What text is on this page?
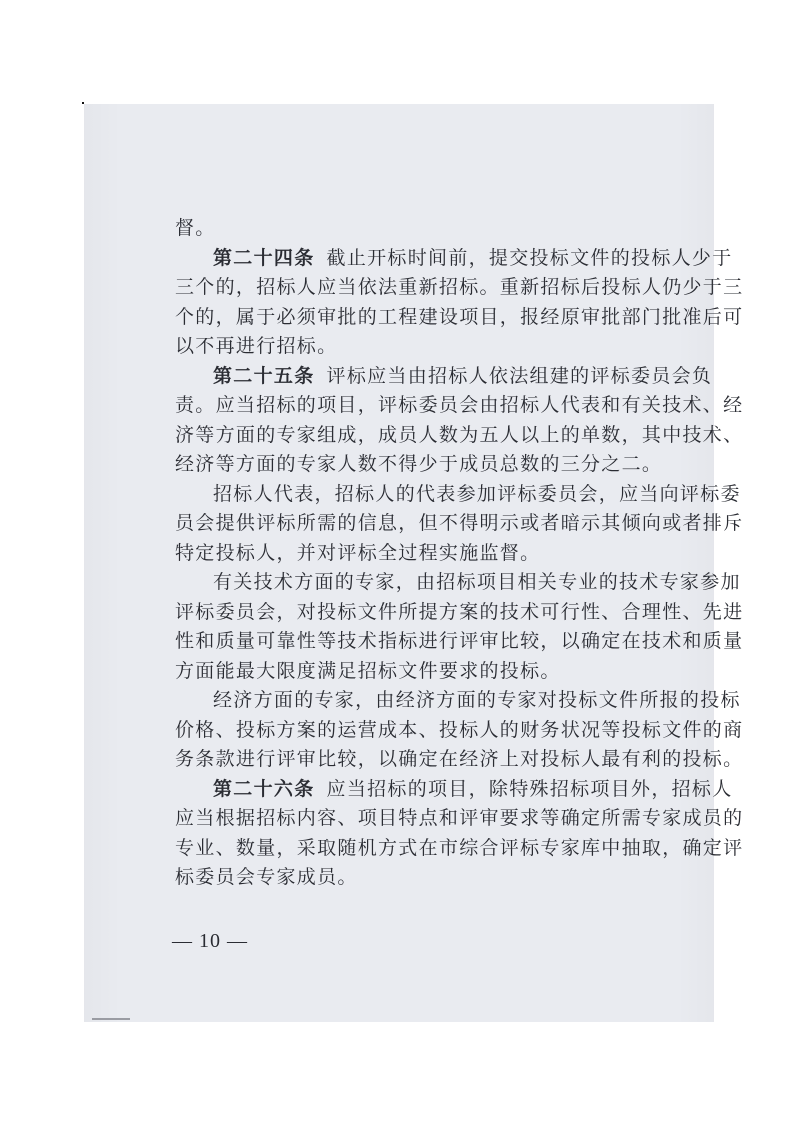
督。
第二十四条 截止开标时间前，提交投标文件的投标人少于
三个的，招标人应当依法重新招标。重新招标后投标人仍少于三
个的，属于必须审批的工程建设项目，报经原审批部门批准后可
以不再进行招标。
第二十五条 评标应当由招标人依法组建的评标委员会负
责。应当招标的项目，评标委员会由招标人代表和有关技术、经
济等方面的专家组成，成员人数为五人以上的单数，其中技术、
经济等方面的专家人数不得少于成员总数的三分之二。
招标人代表，招标人的代表参加评标委员会，应当向评标委
员会提供评标所需的信息，但不得明示或者暗示其倾向或者排斥
特定投标人，并对评标全过程实施监督。
有关技术方面的专家，由招标项目相关专业的技术专家参加
评标委员会，对投标文件所提方案的技术可行性、合理性、先进
性和质量可靠性等技术指标进行评审比较，以确定在技术和质量
方面能最大限度满足招标文件要求的投标。
经济方面的专家，由经济方面的专家对投标文件所报的投标
价格、投标方案的运营成本、投标人的财务状况等投标文件的商
务条款进行评审比较，以确定在经济上对投标人最有利的投标。
第二十六条 应当招标的项目，除特殊招标项目外，招标人
应当根据招标内容、项目特点和评审要求等确定所需专家成员的
专业、数量，采取随机方式在市综合评标专家库中抽取，确定评
标委员会专家成员。
— 10 —
